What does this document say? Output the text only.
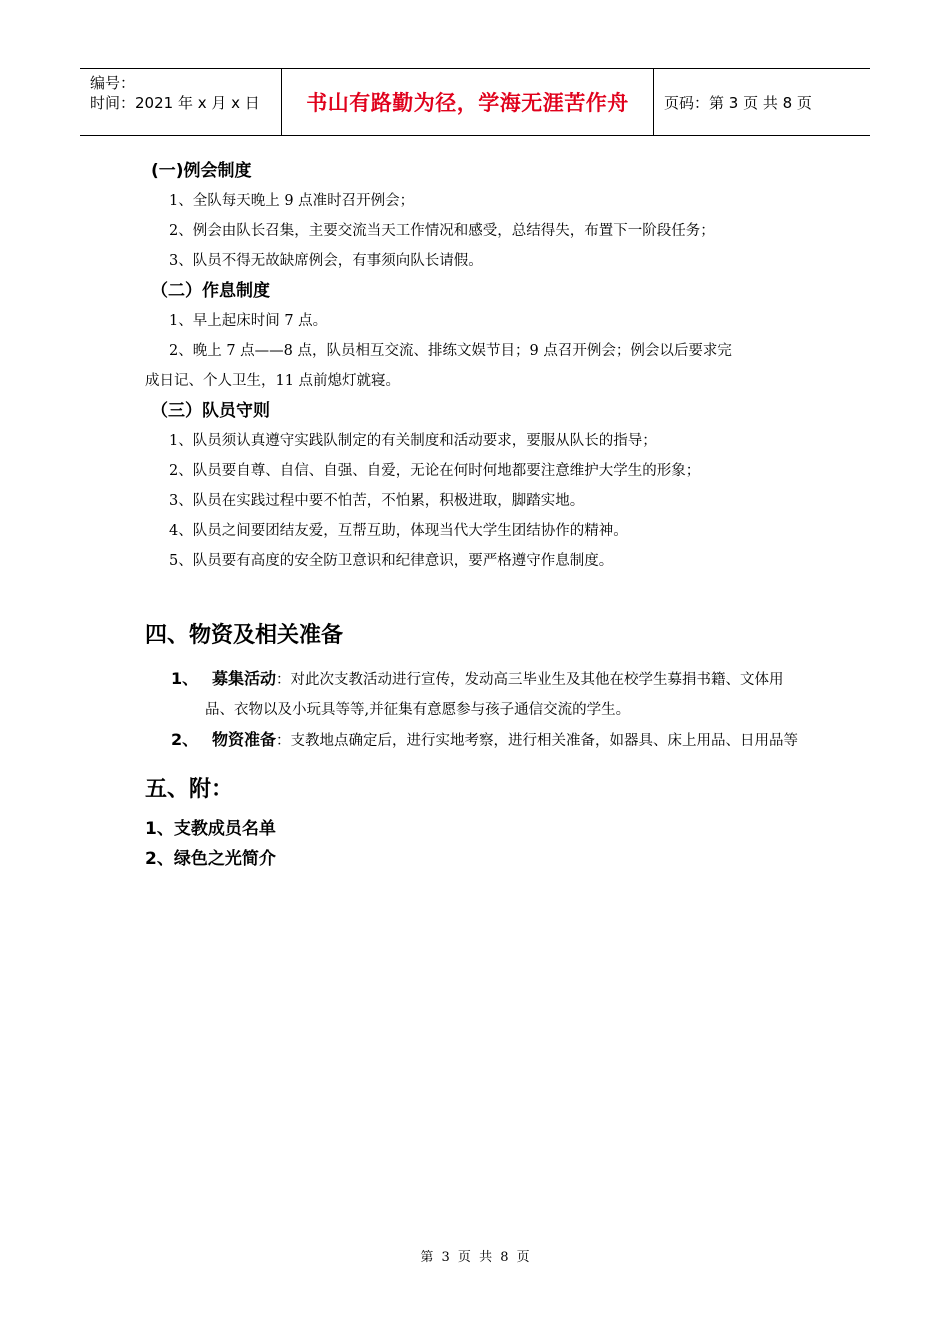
编号：
时间：2021 年 x 月 x 日	书山有路勤为径，学海无涯苦作舟 页码：第 3 页 共 8 页
(一)例会制度
1、全队每天晚上 9 点准时召开例会；
2、例会由队长召集，主要交流当天工作情况和感受，总结得失，布置下一阶段任务；
3、队员不得无故缺席例会，有事须向队长请假。
（二）作息制度
1、早上起床时间 7 点。
2、晚上 7 点——8 点，队员相互交流、排练文娱节目；9 点召开例会；例会以后要求完
成日记、个人卫生，11 点前熄灯就寝。
（三）队员守则
1、队员须认真遵守实践队制定的有关制度和活动要求，要服从队长的指导；
2、队员要自尊、自信、自强、自爱，无论在何时何地都要注意维护大学生的形象；
3、队员在实践过程中要不怕苦，不怕累，积极进取，脚踏实地。
4、队员之间要团结友爱，互帮互助，体现当代大学生团结协作的精神。
5、队员要有高度的安全防卫意识和纪律意识，要严格遵守作息制度。
四、物资及相关准备
1、 募集活动：对此次支教活动进行宣传，发动高三毕业生及其他在校学生募捐书籍、文体用品、衣物以及小玩具等等,并征集有意愿参与孩子通信交流的学生。
2、 物资准备：支教地点确定后，进行实地考察，进行相关准备，如器具、床上用品、日用品等
五、附：
1、支教成员名单
2、绿色之光简介
第 3 页 共 8 页
